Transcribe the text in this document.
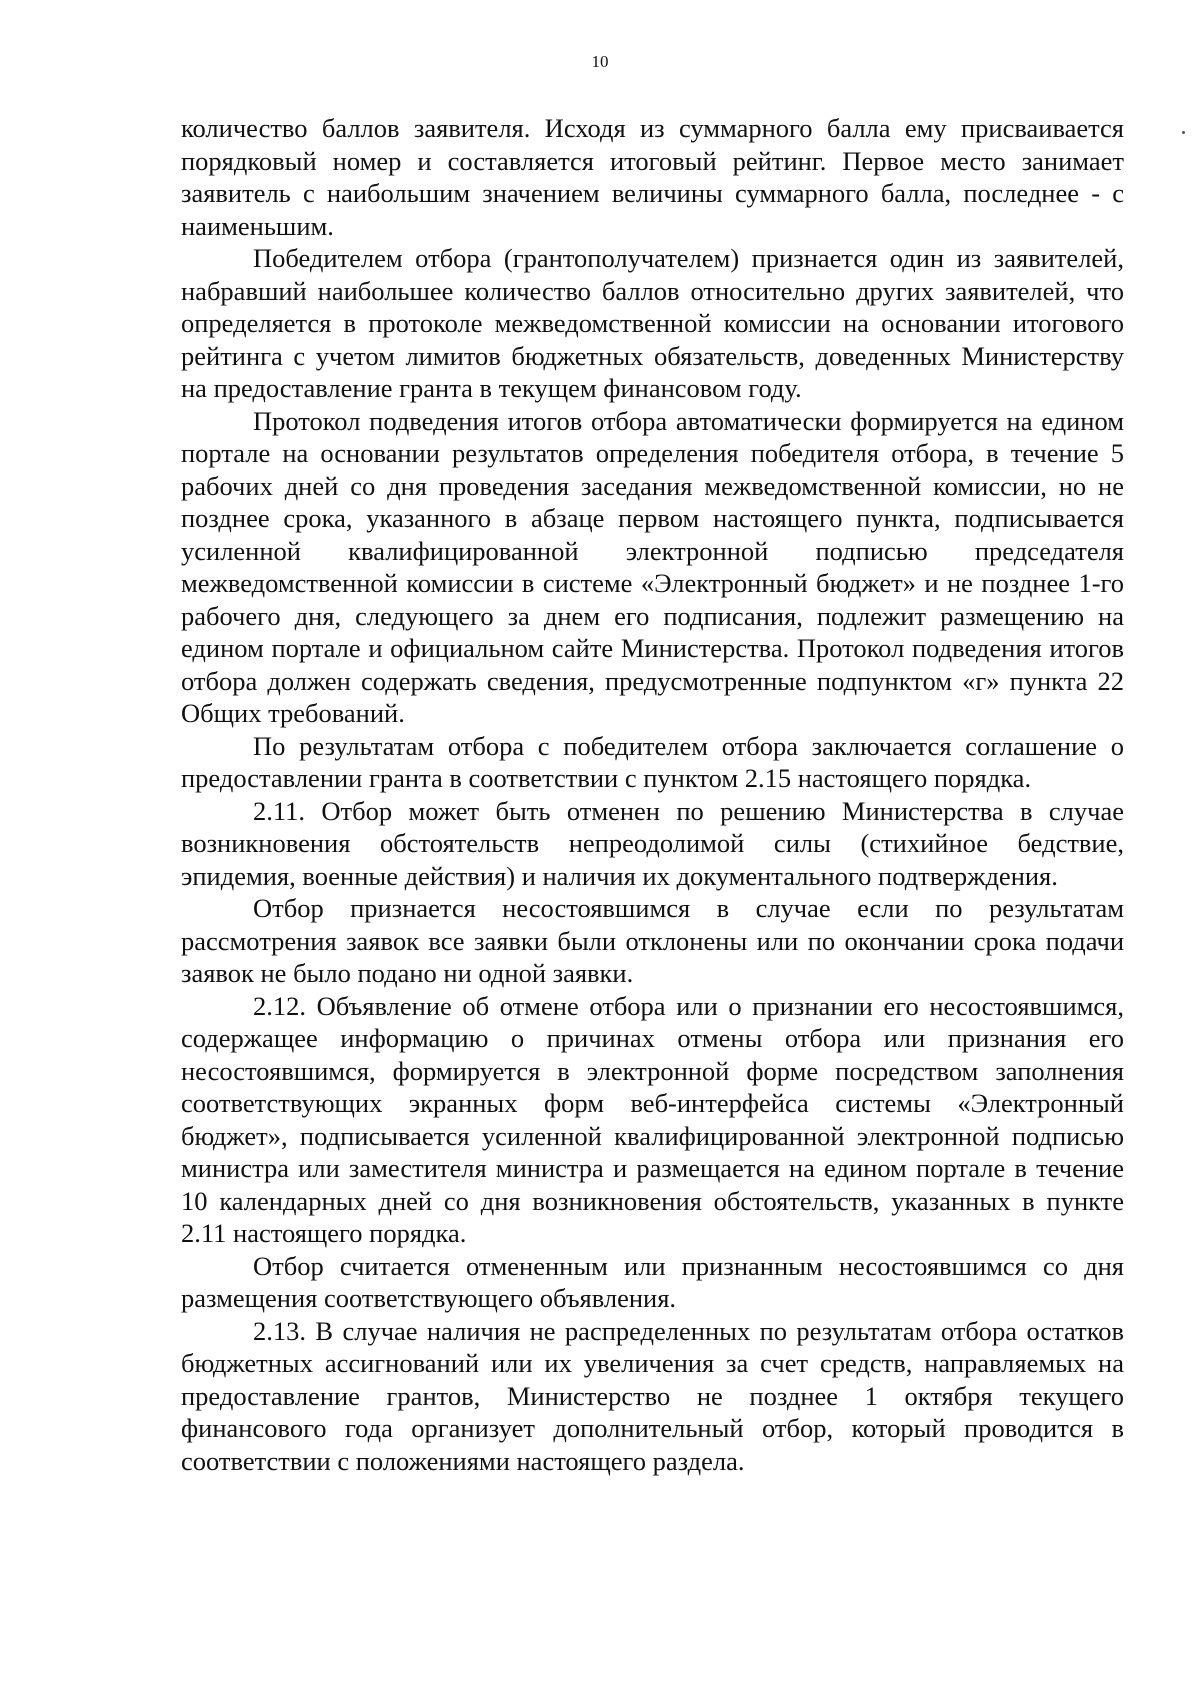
10

количество баллов заявителя. Исходя из суммарного балла ему присваивается порядковый номер и составляется итоговый рейтинг. Первое место занимает заявитель с наибольшим значением величины суммарного балла, последнее - с наименьшим.

Победителем отбора (грантополучателем) признается один из заявителей, набравший наибольшее количество баллов относительно других заявителей, что определяется в протоколе межведомственной комиссии на основании итогового рейтинга с учетом лимитов бюджетных обязательств, доведенных Министерству на предоставление гранта в текущем финансовом году.

Протокол подведения итогов отбора автоматически формируется на едином портале на основании результатов определения победителя отбора, в течение 5 рабочих дней со дня проведения заседания межведомственной комиссии, но не позднее срока, указанного в абзаце первом настоящего пункта, подписывается усиленной квалифицированной электронной подписью председателя межведомственной комиссии в системе «Электронный бюджет» и не позднее 1-го рабочего дня, следующего за днем его подписания, подлежит размещению на едином портале и официальном сайте Министерства. Протокол подведения итогов отбора должен содержать сведения, предусмотренные подпунктом «г» пункта 22 Общих требований.

По результатам отбора с победителем отбора заключается соглашение о предоставлении гранта в соответствии с пунктом 2.15 настоящего порядка.

2.11. Отбор может быть отменен по решению Министерства в случае возникновения обстоятельств непреодолимой силы (стихийное бедствие, эпидемия, военные действия) и наличия их документального подтверждения.

Отбор признается несостоявшимся в случае если по результатам рассмотрения заявок все заявки были отклонены или по окончании срока подачи заявок не было подано ни одной заявки.

2.12. Объявление об отмене отбора или о признании его несостоявшимся, содержащее информацию о причинах отмены отбора или признания его несостоявшимся, формируется в электронной форме посредством заполнения соответствующих экранных форм веб-интерфейса системы «Электронный бюджет», подписывается усиленной квалифицированной электронной подписью министра или заместителя министра и размещается на едином портале в течение 10 календарных дней со дня возникновения обстоятельств, указанных в пункте 2.11 настоящего порядка.

Отбор считается отмененным или признанным несостоявшимся со дня размещения соответствующего объявления.

2.13. В случае наличия не распределенных по результатам отбора остатков бюджетных ассигнований или их увеличения за счет средств, направляемых на предоставление грантов, Министерство не позднее 1 октября текущего финансового года организует дополнительный отбор, который проводится в соответствии с положениями настоящего раздела.
